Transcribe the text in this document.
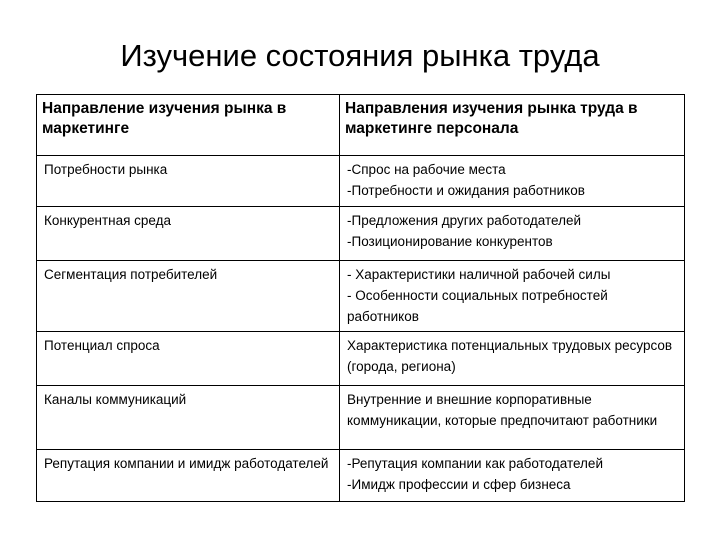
Изучение состояния рынка труда
Направление изучения рынка в маркетинге	Направления изучения рынка труда в маркетинге персонала

Потребности рынка	-Спрос на рабочие места
-Потребности и ожидания работников

Конкурентная среда	-Предложения других работодателей
-Позиционирование конкурентов

Сегментация потребителей	- Характеристики наличной рабочей силы
- Особенности социальных потребностей работников

Потенциал спроса	Характеристика потенциальных трудовых ресурсов (города, региона)

Каналы коммуникаций	Внутренние и внешние корпоративные коммуникации, которые предпочитают работники

Репутация компании и имидж работодателей	-Репутация компании как работодателей
-Имидж профессии и сфер бизнеса
